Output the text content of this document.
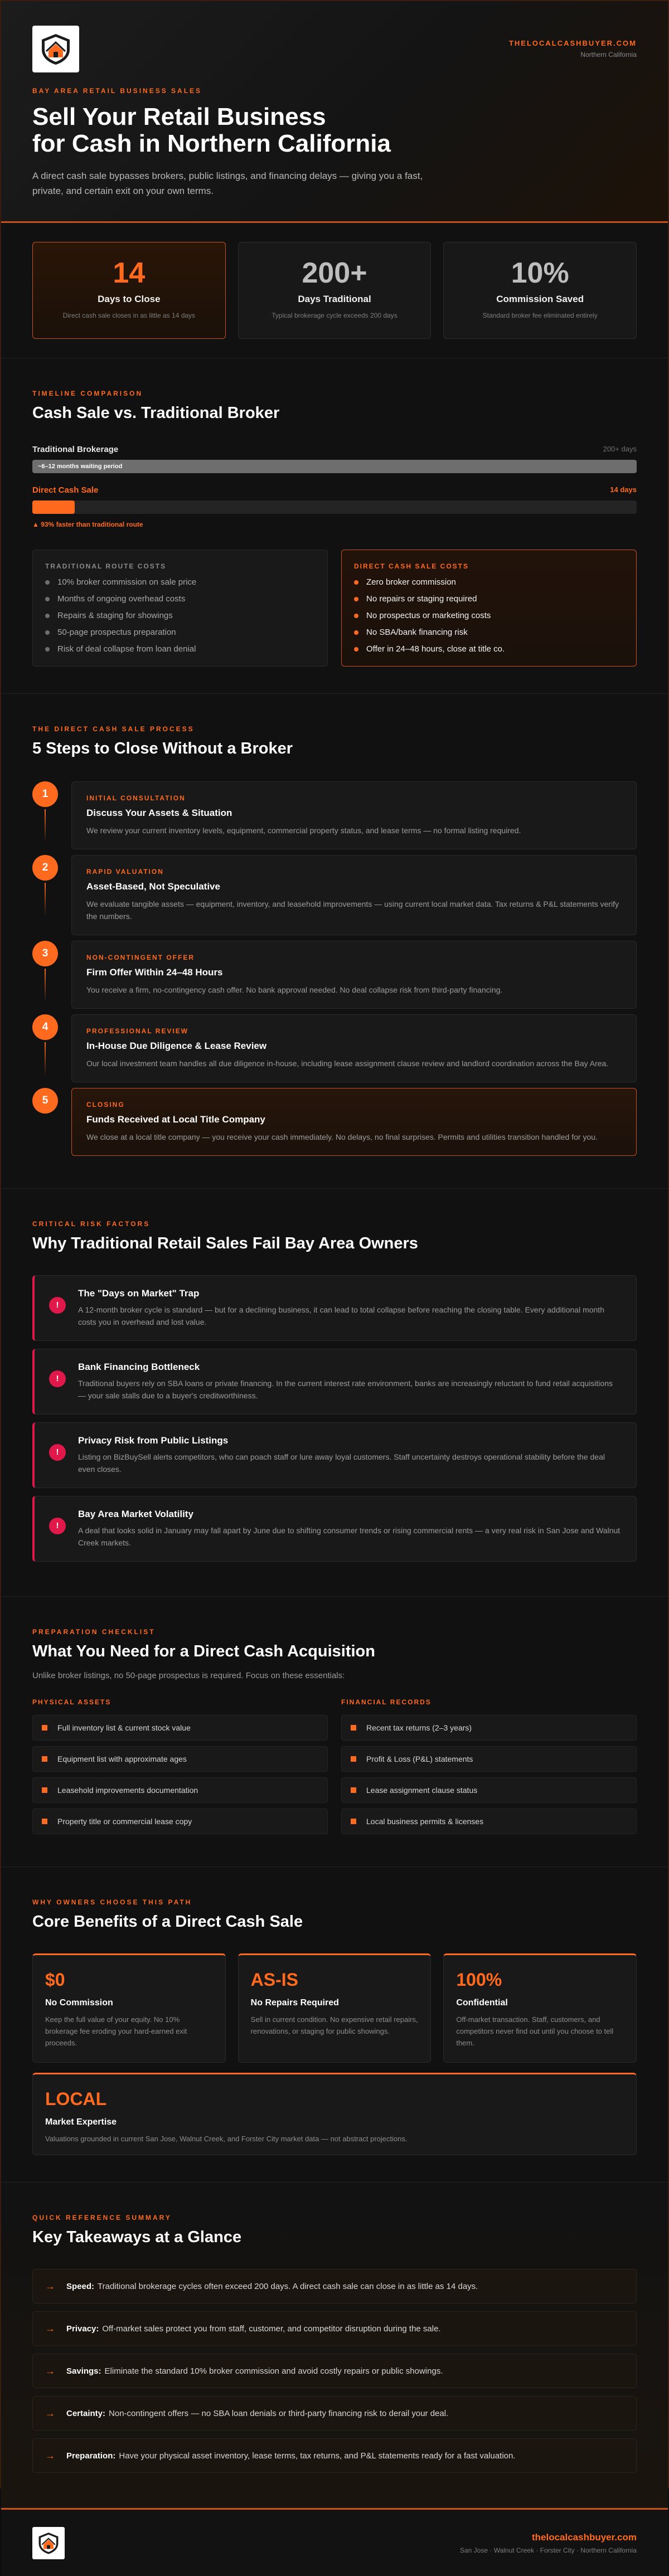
THELOCALCASHBUYER.COM
Northern California
BAY AREA RETAIL BUSINESS SALES
Sell Your Retail Business
for Cash in Northern California

A direct cash sale bypasses brokers, public listings, and financing delays — giving you a fast, private, and certain exit on your own terms.

14
Days to Close
Direct cash sale closes in as little as 14 days
200+
Days Traditional
Typical brokerage cycle exceeds 200 days
10%
Commission Saved
Standard broker fee eliminated entirely
TIMELINE COMPARISON
Cash Sale vs. Traditional Broker
Traditional Brokerage	200+ days
~6–12 months waiting period
Direct Cash Sale	14 days
▲ 93% faster than traditional route
TRADITIONAL ROUTE COSTS
10% broker commission on sale price
Months of ongoing overhead costs
Repairs & staging for showings
50-page prospectus preparation
Risk of deal collapse from loan denial
DIRECT CASH SALE COSTS
Zero broker commission
No repairs or staging required
No prospectus or marketing costs
No SBA/bank financing risk
Offer in 24–48 hours, close at title co.
THE DIRECT CASH SALE PROCESS
5 Steps to Close Without a Broker
1	INITIAL CONSULTATION
Discuss Your Assets & Situation
We review your current inventory levels, equipment, commercial property status, and lease terms — no formal listing required.
2	RAPID VALUATION
Asset-Based, Not Speculative
We evaluate tangible assets — equipment, inventory, and leasehold improvements — using current local market data. Tax returns & P&L statements verify the numbers.
3	NON-CONTINGENT OFFER
Firm Offer Within 24–48 Hours
You receive a firm, no-contingency cash offer. No bank approval needed. No deal collapse risk from third-party financing.
4	PROFESSIONAL REVIEW
In-House Due Diligence & Lease Review
Our local investment team handles all due diligence in-house, including lease assignment clause review and landlord coordination across the Bay Area.
5	CLOSING
Funds Received at Local Title Company
We close at a local title company — you receive your cash immediately. No delays, no final surprises. Permits and utilities transition handled for you.
CRITICAL RISK FACTORS
Why Traditional Retail Sales Fail Bay Area Owners
!
The "Days on Market" Trap
A 12-month broker cycle is standard — but for a declining business, it can lead to total collapse before reaching the closing table. Every additional month costs you in overhead and lost value.
!
Bank Financing Bottleneck
Traditional buyers rely on SBA loans or private financing. In the current interest rate environment, banks are increasingly reluctant to fund retail acquisitions — your sale stalls due to a buyer's creditworthiness.
!
Privacy Risk from Public Listings
Listing on BizBuySell alerts competitors, who can poach staff or lure away loyal customers. Staff uncertainty destroys operational stability before the deal even closes.
!
Bay Area Market Volatility
A deal that looks solid in January may fall apart by June due to shifting consumer trends or rising commercial rents — a very real risk in San Jose and Walnut Creek markets.
PREPARATION CHECKLIST
What You Need for a Direct Cash Acquisition

Unlike broker listings, no 50-page prospectus is required. Focus on these essentials:

PHYSICAL ASSETS
Full inventory list & current stock value
Equipment list with approximate ages
Leasehold improvements documentation
Property title or commercial lease copy
FINANCIAL RECORDS
Recent tax returns (2–3 years)
Profit & Loss (P&L) statements
Lease assignment clause status
Local business permits & licenses
WHY OWNERS CHOOSE THIS PATH
Core Benefits of a Direct Cash Sale
$0
No Commission
Keep the full value of your equity. No 10% brokerage fee eroding your hard-earned exit proceeds.
AS-IS
No Repairs Required
Sell in current condition. No expensive retail repairs, renovations, or staging for public showings.
100%
Confidential
Off-market transaction. Staff, customers, and competitors never find out until you choose to tell them.
LOCAL
Market Expertise
Valuations grounded in current San Jose, Walnut Creek, and Forster City market data — not abstract projections.
QUICK REFERENCE SUMMARY
Key Takeaways at a Glance
→ Speed: Traditional brokerage cycles often exceed 200 days. A direct cash sale can close in as little as 14 days.
→ Privacy: Off-market sales protect you from staff, customer, and competitor disruption during the sale.
→ Savings: Eliminate the standard 10% broker commission and avoid costly repairs or public showings.
→ Certainty: Non-contingent offers — no SBA loan denials or third-party financing risk to derail your deal.
→ Preparation: Have your physical asset inventory, lease terms, tax returns, and P&L statements ready for a fast valuation.
thelocalcashbuyer.com
San Jose · Walnut Creek · Forster City · Northern California
